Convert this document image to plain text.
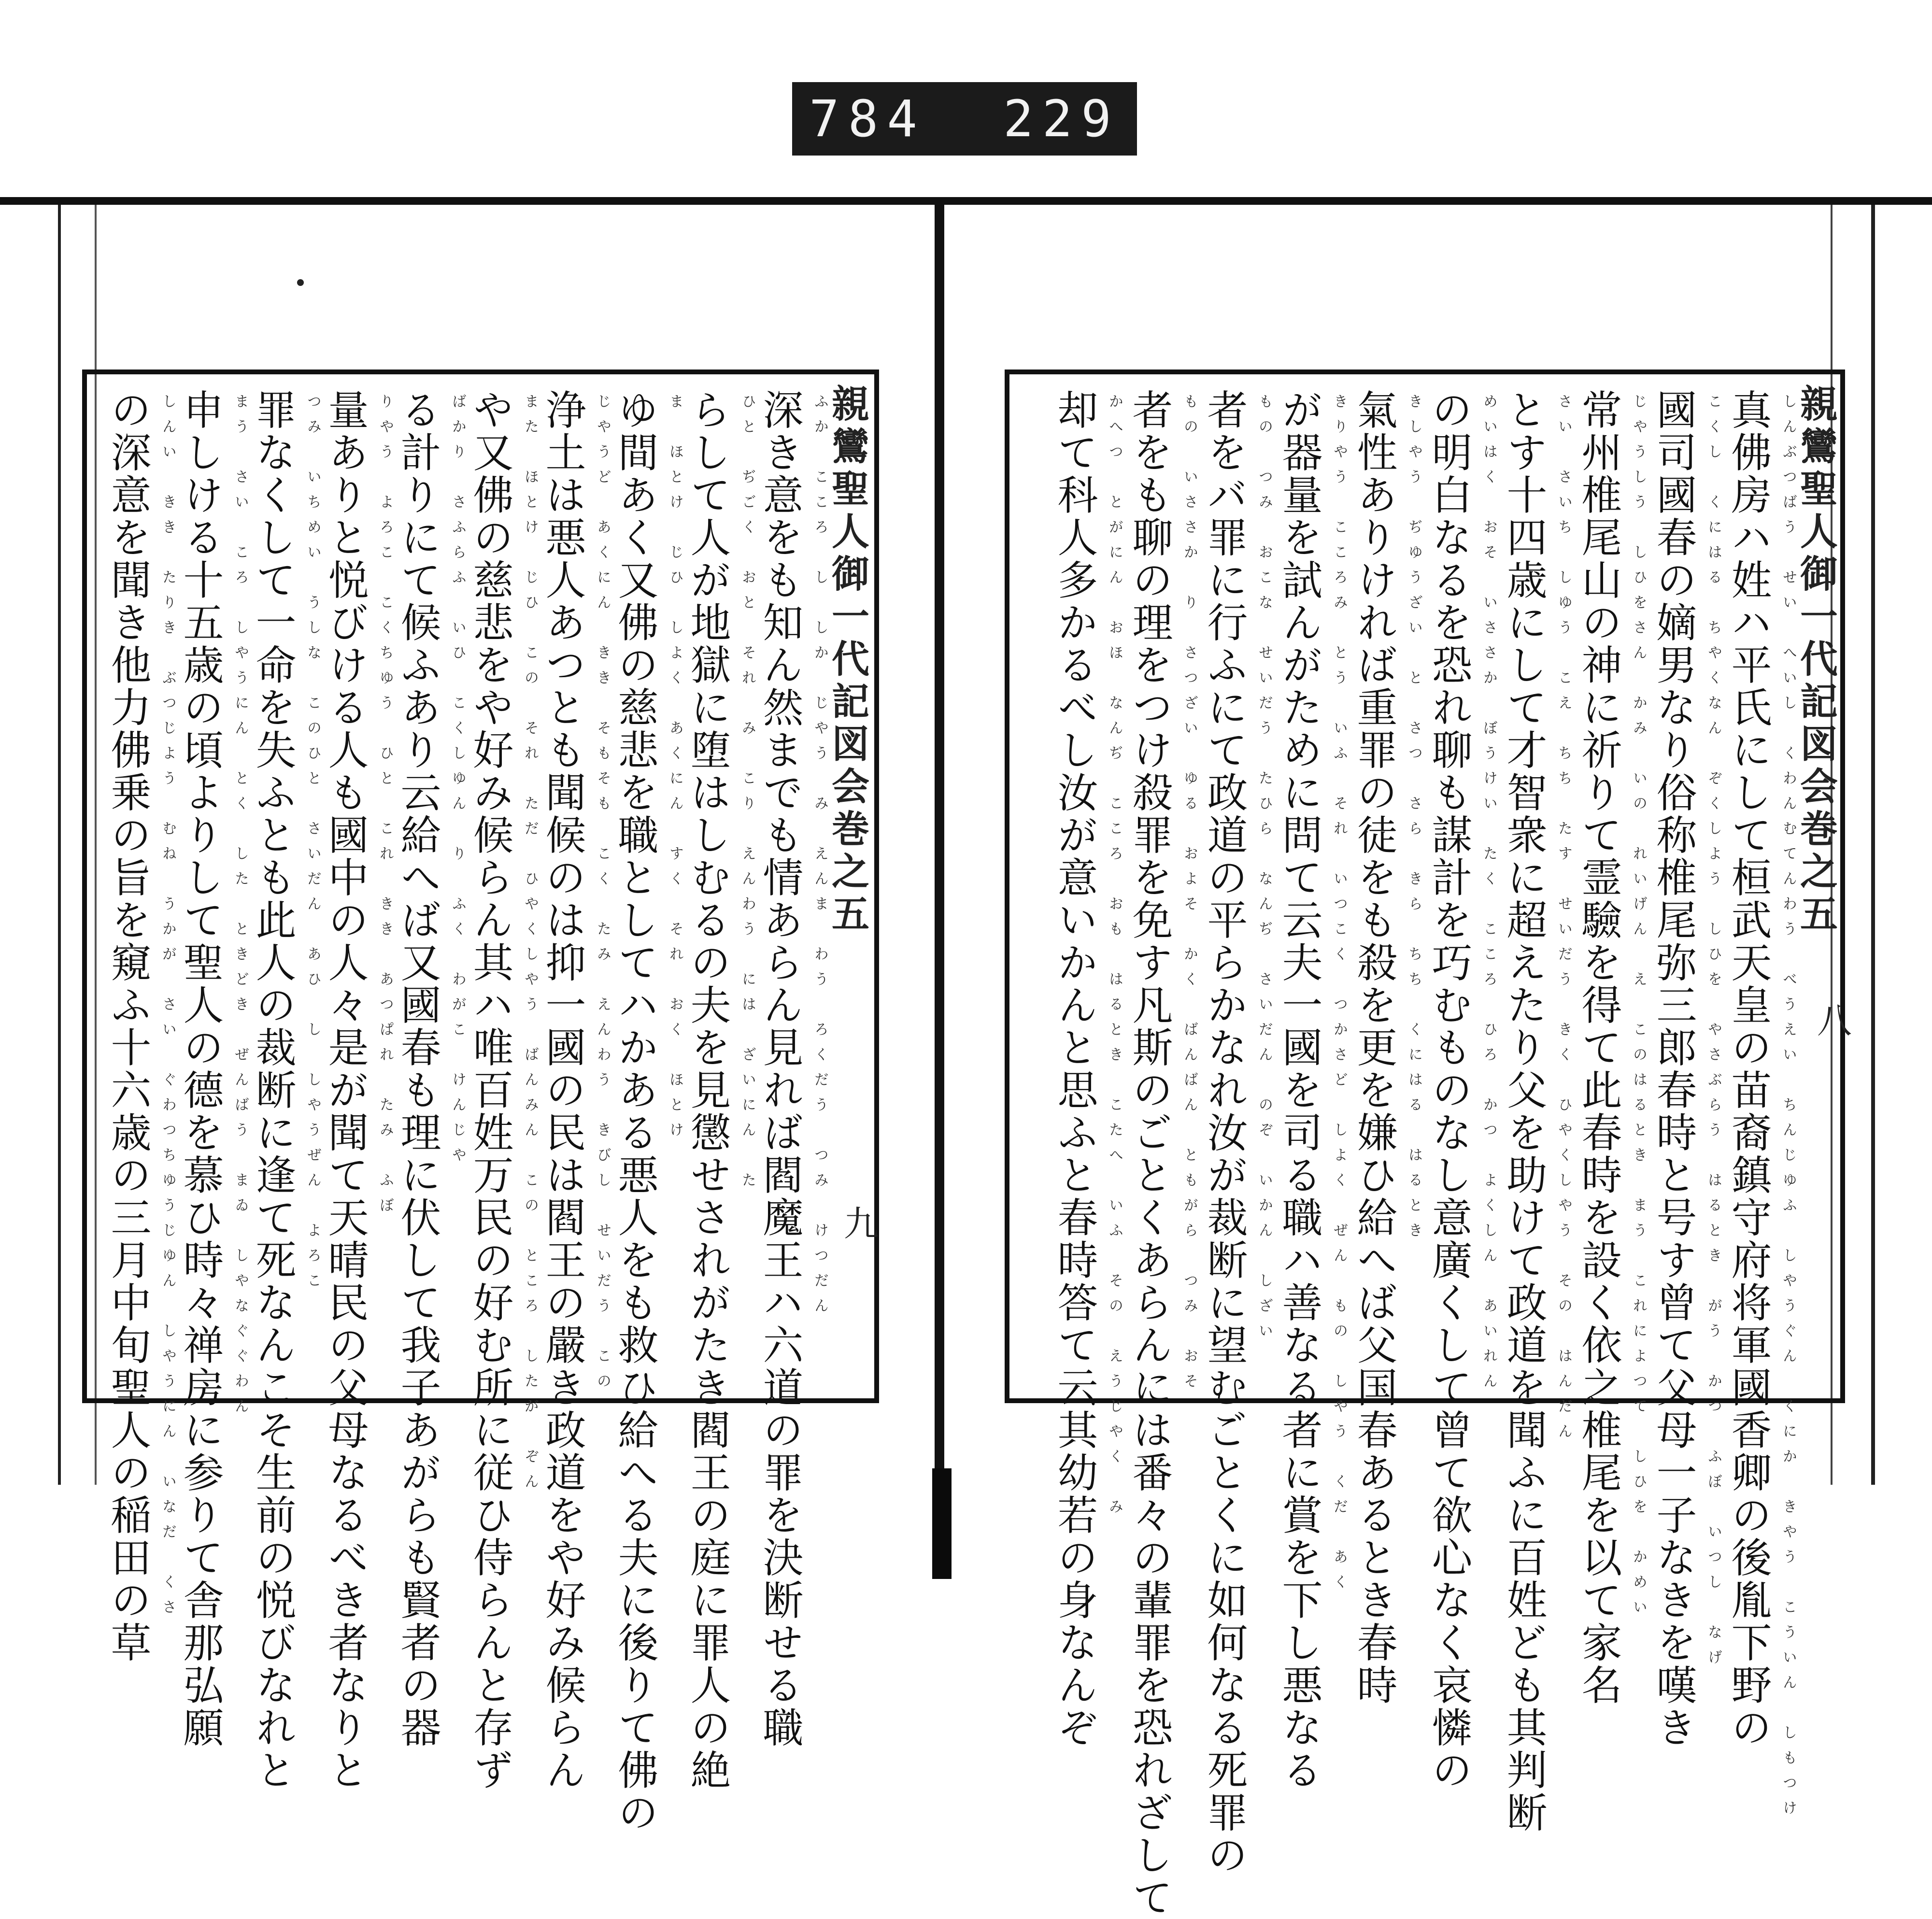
784 229
親鸞聖人御一代記図会巻之五
九
深き意をも知ん然までも情あらん見れば閻魔王ハ六道の罪を決断せる職 ふか　こころ　し　しか　じやう　み　えんま　わう　ろくだう　つみ　けつだん
らして人が地獄に堕はしむるの夫を見懲せされがたき閻王の庭に罪人の絶 ひと　ぢごく　おと　それ　み　こり　えんわう　には　ざいにん　た
ゆ間あく又佛の慈悲を職としてハかある悪人をも救ひ給へる夫に後りて佛の ま　ほとけ　じひ　しよく　あくにん　すく　それ　おく　ほとけ
浄土は悪人あつとも聞候のは抑一國の民は閻王の嚴き政道をや好み候らん じやうど　あくにん　きき　そもそも　こく　たみ　えんわう　きびし　せいだう　この
や又佛の慈悲をや好み候らん其ハ唯百姓万民の好む所に従ひ侍らんと存ず また　ほとけ　じひ　この　それ　ただ　ひやくしやう　ばんみん　この　ところ　したが　ぞん
る計りにて候ふあり云給へば又國春も理に伏して我子あがらも賢者の器 ばかり　さふらふ　いひ　こくしゆん　り　ふく　わがこ　けんじや
量ありと悦びける人も國中の人々是が聞て天晴民の父母なるべき者なりと りやう　よろこ　こくちゆう　ひと　これ　きき　あつぱれ　たみ　ふぼ
罪なくして一命を失ふとも此人の裁断に逢て死なんこそ生前の悦びなれと つみ　いちめい　うしな　このひと　さいだん　あひ　し　しやうぜん　よろこ
申しける十五歳の頃よりして聖人の德を慕ひ時々禅房に参りて舎那弘願 まう　さい　ころ　しやうにん　とく　した　ときどき　ぜんばう　まゐ　しやなぐぐわん
の深意を聞き他力佛乗の旨を窺ふ十六歳の三月中旬聖人の稲田の草 しんい　きき　たりき　ぶつじよう　むね　うかが　さい　ぐわつちゆうじゆん　しやうにん　いなだ　くさ	親鸞聖人御一代記図会巻之五
八
真佛房ハ姓ハ平氏にして桓武天皇の苗裔鎮守府将軍國香卿の後胤下野の しんぶつばう　せい　へいし　くわんむてんわう　べうえい　ちんじゆふ　しやうぐん　くにか　きやう　こういん　しもつけ
國司國春の嫡男なり俗称椎尾弥三郎春時と号す曾て父母一子なきを嘆き こくし　くにはる　ちやくなん　ぞくしよう　しひを　やさぶらう　はるとき　がう　かつ　ふぼ　いつし　なげ
常州椎尾山の神に祈りて霊驗を得て此春時を設く依之椎尾を以て家名 じやうしう　しひをさん　かみ　いの　れいげん　え　このはるとき　まう　これによつて　しひを　かめい
とす十四歳にして才智衆に超えたり父を助けて政道を聞ふに百姓ども其判断 さい　さいち　しゆう　こえ　ちち　たす　せいだう　きく　ひやくしやう　その　はんだん
の明白なるを恐れ聊も謀計を巧むものなし意廣くして曾て欲心なく哀憐の めいはく　おそ　いささか　ぼうけい　たく　こころ　ひろ　かつ　よくしん　あいれん
氣性ありければ重罪の徒をも殺を更を嫌ひ給へば父国春あるとき春時 きしやう　ぢゆうざい　と　さつ　さら　きら　ちち　くにはる　はるとき
が器量を試んがために問て云夫一國を司る職ハ善なる者に賞を下し悪なる きりやう　こころみ　とう　いふ　それ　いつこく　つかさど　しよく　ぜん　もの　しやう　くだ　あく
者をバ罪に行ふにて政道の平らかなれ汝が裁断に望むごとくに如何なる死罪の もの　つみ　おこな　せいだう　たひら　なんぢ　さいだん　のぞ　いかん　しざい
者をも聊の理をつけ殺罪を免す凡斯のごとくあらんには番々の輩罪を恐れざして もの　いささか　り　さつざい　ゆる　およそ　かく　ばんばん　ともがら　つみ　おそ
却て科人多かるべし汝が意いかんと思ふと春時答て云其幼若の身なんぞ かへつ　とがにん　おほ　なんぢ　こころ　おも　はるとき　こたへ　いふ　その　えうじやく　み
